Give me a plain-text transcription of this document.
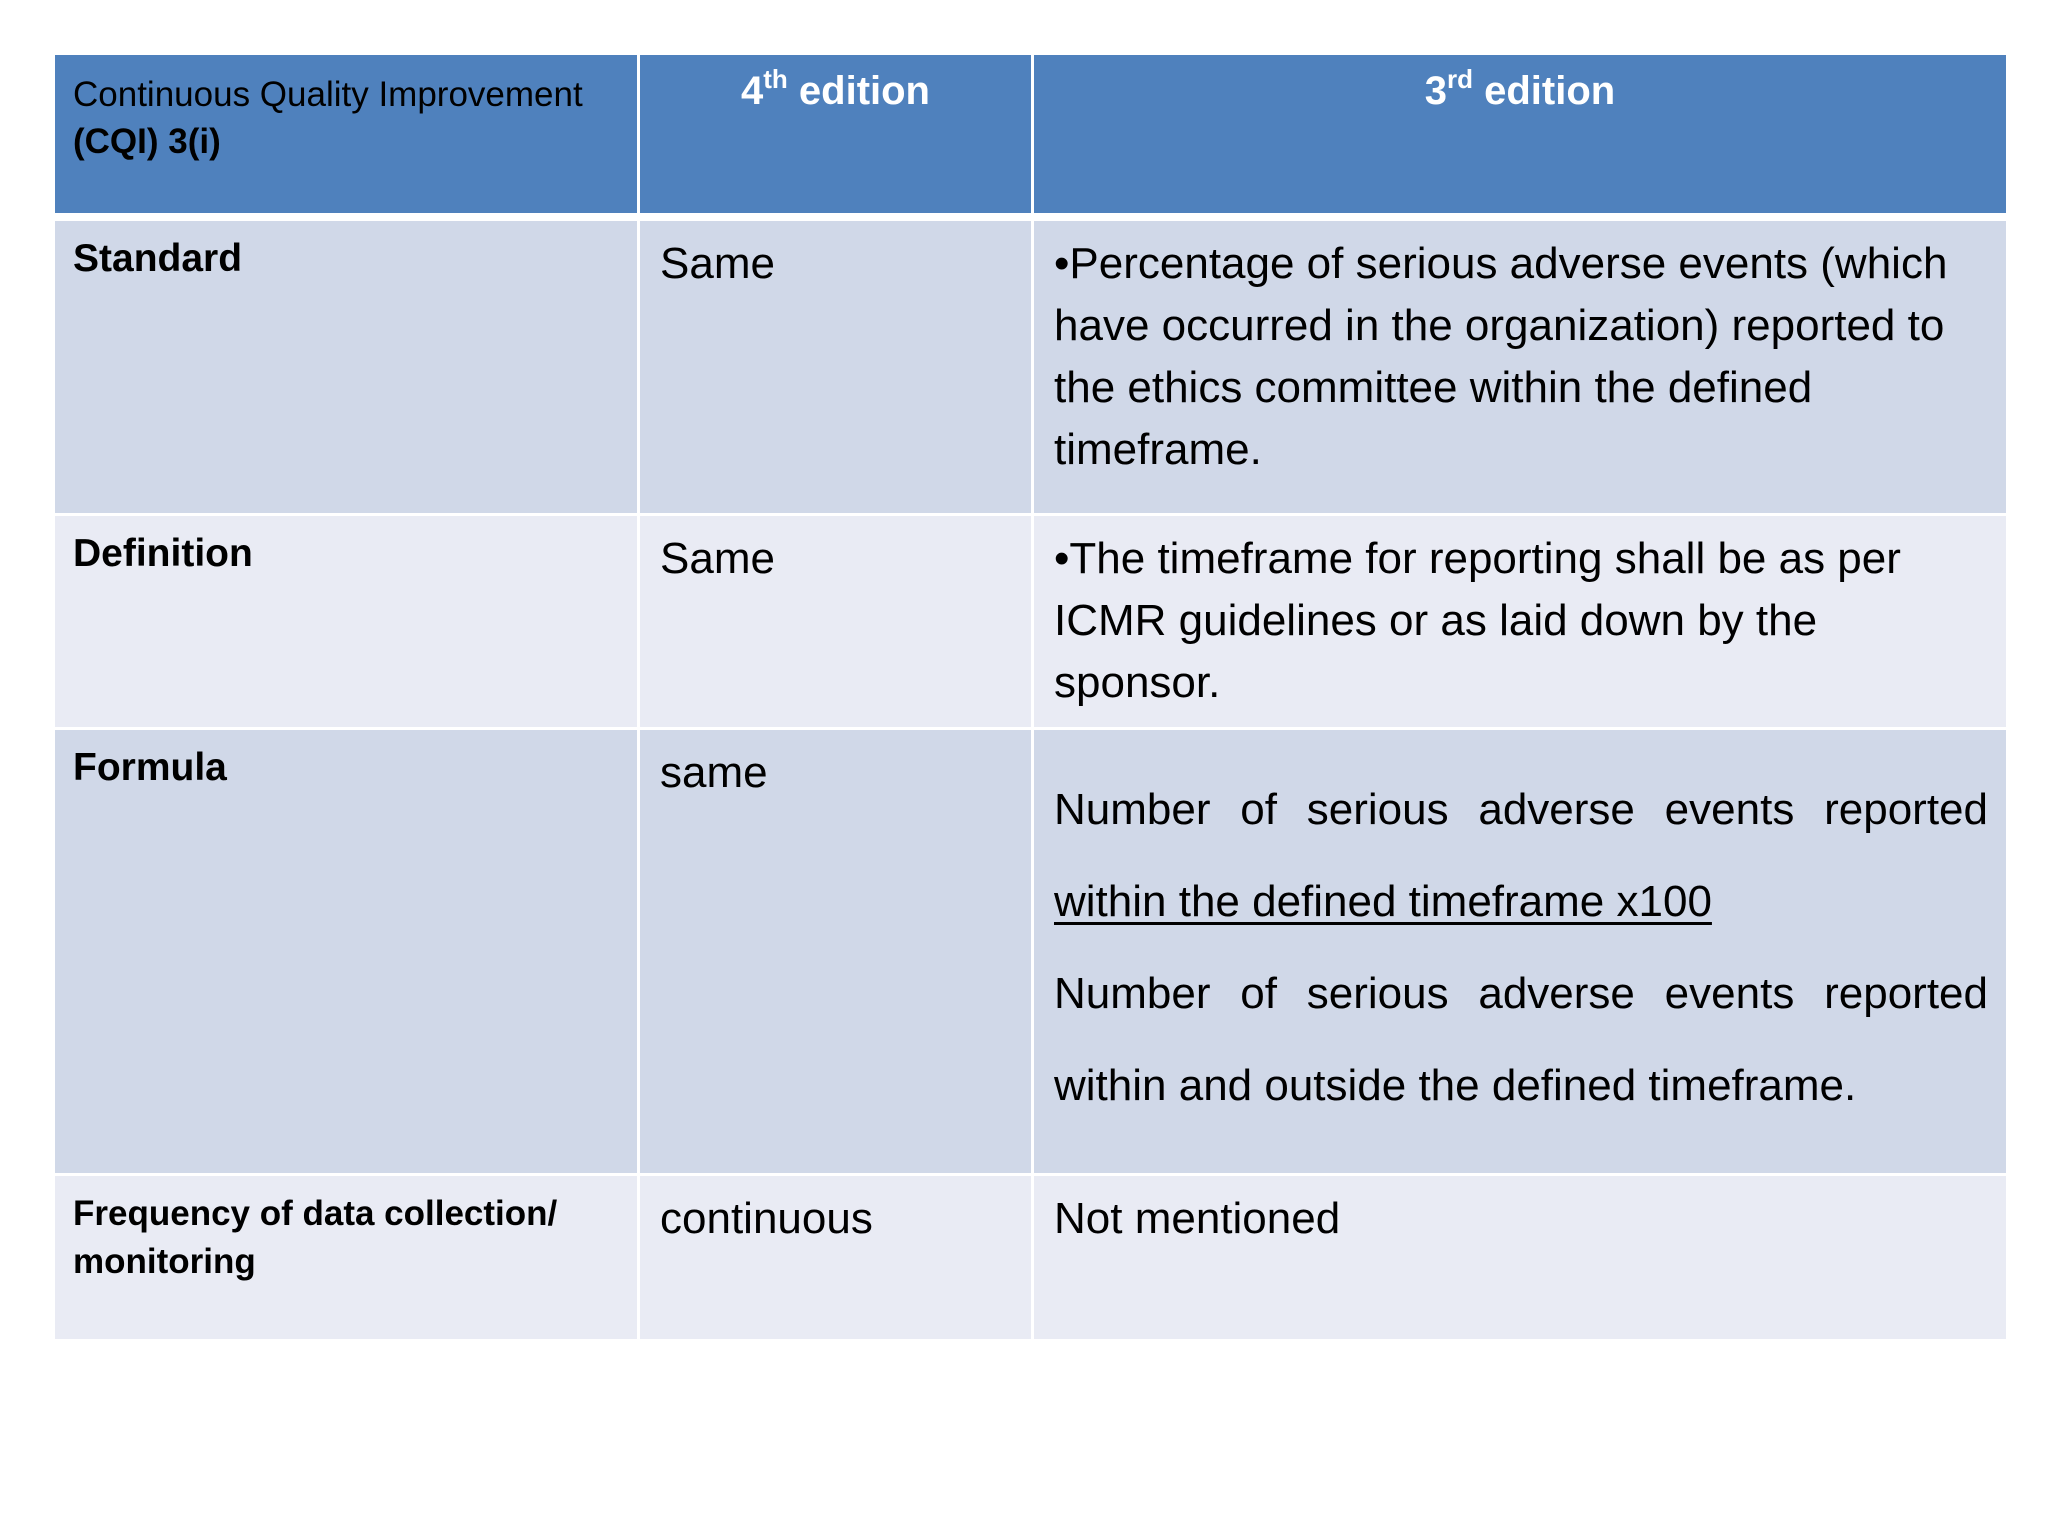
Continuous Quality Improvement
(CQI) 3(i)	4th edition	3rd edition
Standard	Same	•Percentage of serious adverse events (which have occurred in the organization) reported to the ethics committee within the defined timeframe.
Definition	Same	•The timeframe for reporting shall be as per ICMR guidelines or as laid down by the sponsor.
Formula	same	Number of serious adverse events reported
within the defined timeframe x100
Number of serious adverse events reported
within and outside the defined timeframe.

Frequency of data collection/ monitoring	continuous	Not mentioned
